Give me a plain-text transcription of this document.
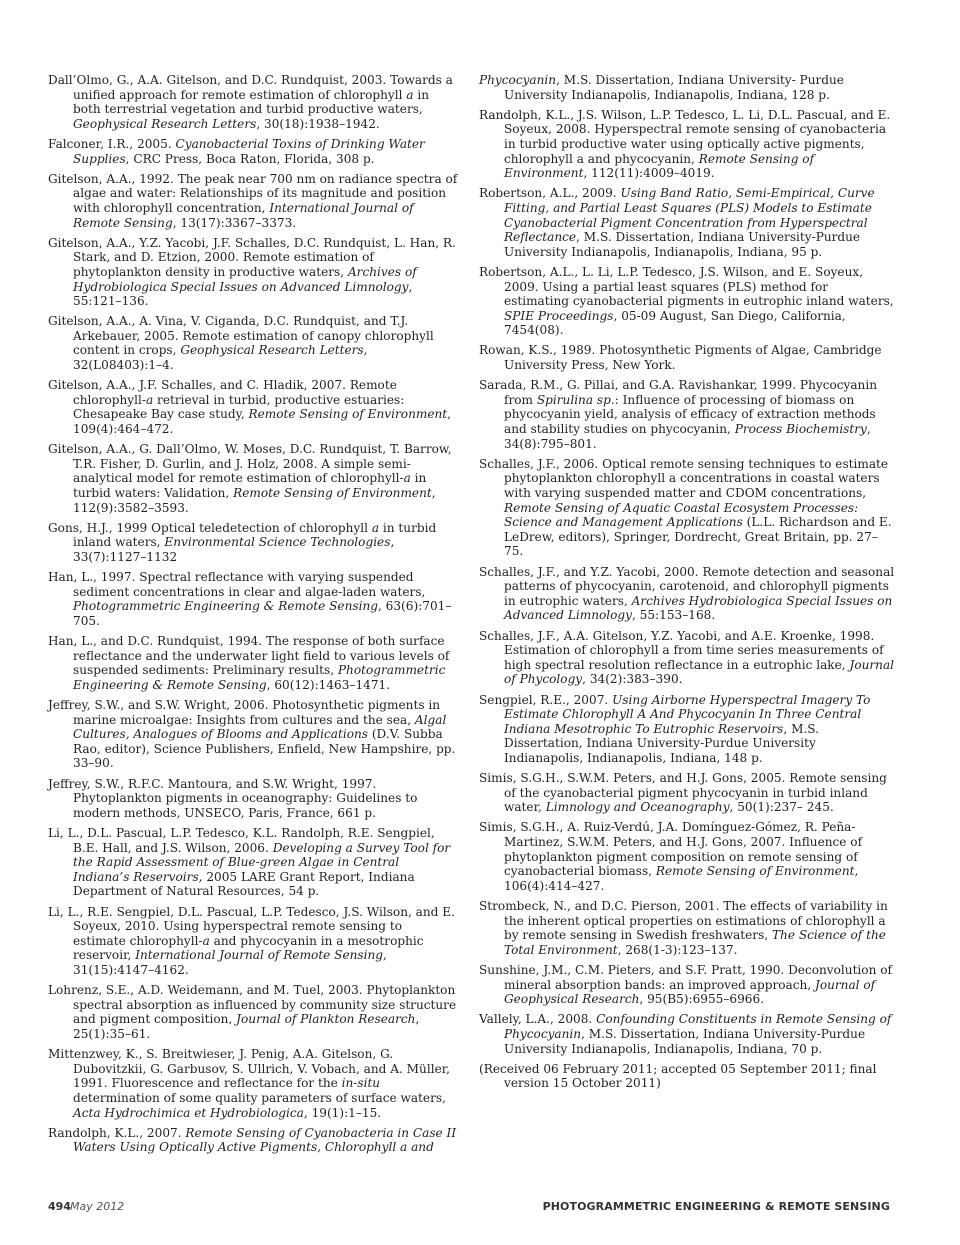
Dall’Olmo, G., A.A. Gitelson, and D.C. Rundquist, 2003. Towards a unified approach for remote estimation of chlorophyll a in both terrestrial vegetation and turbid productive waters, Geophysical Research Letters, 30(18):1938–1942.

Falconer, I.R., 2005. Cyanobacterial Toxins of Drinking Water Supplies, CRC Press, Boca Raton, Florida, 308 p.

Gitelson, A.A., 1992. The peak near 700 nm on radiance spectra of algae and water: Relationships of its magnitude and position with chlorophyll concentration, International Journal of Remote Sensing, 13(17):3367–3373.

Gitelson, A.A., Y.Z. Yacobi, J.F. Schalles, D.C. Rundquist, L. Han, R. Stark, and D. Etzion, 2000. Remote estimation of phytoplankton density in productive waters, Archives of Hydrobiologica Special Issues on Advanced Limnology, 55:121–136.

Gitelson, A.A., A. Vina, V. Ciganda, D.C. Rundquist, and T.J. Arkebauer, 2005. Remote estimation of canopy chlorophyll content in crops, Geophysical Research Letters, 32(L08403):1–4.

Gitelson, A.A., J.F. Schalles, and C. Hladik, 2007. Remote chlorophyll-a retrieval in turbid, productive estuaries: Chesapeake Bay case study, Remote Sensing of Environment, 109(4):464–472.

Gitelson, A.A., G. Dall’Olmo, W. Moses, D.C. Rundquist, T. Barrow, T.R. Fisher, D. Gurlin, and J. Holz, 2008. A simple semi-analytical model for remote estimation of chlorophyll-a in turbid waters: Validation, Remote Sensing of Environment, 112(9):3582–3593.

Gons, H.J., 1999 Optical teledetection of chlorophyll a in turbid inland waters, Environmental Science Technologies, 33(7):1127–1132

Han, L., 1997. Spectral reflectance with varying suspended sediment concentrations in clear and algae-laden waters, Photogrammetric Engineering & Remote Sensing, 63(6):701–705.

Han, L., and D.C. Rundquist, 1994. The response of both surface reflectance and the underwater light field to various levels of suspended sediments: Preliminary results, Photogrammetric Engineering & Remote Sensing, 60(12):1463–1471.

Jeffrey, S.W., and S.W. Wright, 2006. Photosynthetic pigments in marine microalgae: Insights from cultures and the sea, Algal Cultures, Analogues of Blooms and Applications (D.V. Subba Rao, editor), Science Publishers, Enfield, New Hampshire, pp. 33–90.

Jeffrey, S.W., R.F.C. Mantoura, and S.W. Wright, 1997. Phytoplankton pigments in oceanography: Guidelines to modern methods, UNSECO, Paris, France, 661 p.

Li, L., D.L. Pascual, L.P. Tedesco, K.L. Randolph, R.E. Sengpiel, B.E. Hall, and J.S. Wilson, 2006. Developing a Survey Tool for the Rapid Assessment of Blue-green Algae in Central Indiana’s Reservoirs, 2005 LARE Grant Report, Indiana Department of Natural Resources, 54 p.

Li, L., R.E. Sengpiel, D.L. Pascual, L.P. Tedesco, J.S. Wilson, and E. Soyeux, 2010. Using hyperspectral remote sensing to estimate chlorophyll-a and phycocyanin in a mesotrophic reservoir, International Journal of Remote Sensing, 31(15):4147–4162.

Lohrenz, S.E., A.D. Weidemann, and M. Tuel, 2003. Phytoplankton spectral absorption as influenced by community size structure and pigment composition, Journal of Plankton Research, 25(1):35–61.

Mittenzwey, K., S. Breitwieser, J. Penig, A.A. Gitelson, G. Dubovitzkii, G. Garbusov, S. Ullrich, V. Vobach, and A. Müller, 1991. Fluorescence and reflectance for the in-situ determination of some quality parameters of surface waters, Acta Hydrochimica et Hydrobiologica, 19(1):1–15.

Randolph, K.L., 2007. Remote Sensing of Cyanobacteria in Case II Waters Using Optically Active Pigments, Chlorophyll a and

Phycocyanin, M.S. Dissertation, Indiana University- Purdue University Indianapolis, Indianapolis, Indiana, 128 p.

Randolph, K.L., J.S. Wilson, L.P. Tedesco, L. Li, D.L. Pascual, and E. Soyeux, 2008. Hyperspectral remote sensing of cyanobacteria in turbid productive water using optically active pigments, chlorophyll a and phycocyanin, Remote Sensing of Environment, 112(11):4009–4019.

Robertson, A.L., 2009. Using Band Ratio, Semi-Empirical, Curve Fitting, and Partial Least Squares (PLS) Models to Estimate Cyanobacterial Pigment Concentration from Hyperspectral Reflectance, M.S. Dissertation, Indiana University-Purdue University Indianapolis, Indianapolis, Indiana, 95 p.

Robertson, A.L., L. Li, L.P. Tedesco, J.S. Wilson, and E. Soyeux, 2009. Using a partial least squares (PLS) method for estimating cyanobacterial pigments in eutrophic inland waters, SPIE Proceedings, 05-09 August, San Diego, California, 7454(08).

Rowan, K.S., 1989. Photosynthetic Pigments of Algae, Cambridge University Press, New York.

Sarada, R.M., G. Pillai, and G.A. Ravishankar, 1999. Phycocyanin from Spirulina sp.: Influence of processing of biomass on phycocyanin yield, analysis of efficacy of extraction methods and stability studies on phycocyanin, Process Biochemistry, 34(8):795–801.

Schalles, J.F., 2006. Optical remote sensing techniques to estimate phytoplankton chlorophyll a concentrations in coastal waters with varying suspended matter and CDOM concentrations, Remote Sensing of Aquatic Coastal Ecosystem Processes: Science and Management Applications (L.L. Richardson and E. LeDrew, editors), Springer, Dordrecht, Great Britain, pp. 27–75.

Schalles, J.F., and Y.Z. Yacobi, 2000. Remote detection and seasonal patterns of phycocyanin, carotenoid, and chlorophyll pigments in eutrophic waters, Archives Hydrobiologica Special Issues on Advanced Limnology, 55:153–168.

Schalles, J.F., A.A. Gitelson, Y.Z. Yacobi, and A.E. Kroenke, 1998. Estimation of chlorophyll a from time series measurements of high spectral resolution reflectance in a eutrophic lake, Journal of Phycology, 34(2):383–390.

Sengpiel, R.E., 2007. Using Airborne Hyperspectral Imagery To Estimate Chlorophyll A And Phycocyanin In Three Central Indiana Mesotrophic To Eutrophic Reservoirs, M.S. Dissertation, Indiana University-Purdue University Indianapolis, Indianapolis, Indiana, 148 p.

Simis, S.G.H., S.W.M. Peters, and H.J. Gons, 2005. Remote sensing of the cyanobacterial pigment phycocyanin in turbid inland water, Limnology and Oceanography, 50(1):237– 245.

Simis, S.G.H., A. Ruiz-Verdú, J.A. Domínguez-Gómez, R. Peña-Martinez, S.W.M. Peters, and H.J. Gons, 2007. Influence of phytoplankton pigment composition on remote sensing of cyanobacterial biomass, Remote Sensing of Environment, 106(4):414–427.

Strombeck, N., and D.C. Pierson, 2001. The effects of variability in the inherent optical properties on estimations of chlorophyll a by remote sensing in Swedish freshwaters, The Science of the Total Environment, 268(1-3):123–137.

Sunshine, J.M., C.M. Pieters, and S.F. Pratt, 1990. Deconvolution of mineral absorption bands: an improved approach, Journal of Geophysical Research, 95(B5):6955–6966.

Vallely, L.A., 2008. Confounding Constituents in Remote Sensing of Phycocyanin, M.S. Dissertation, Indiana University-Purdue University Indianapolis, Indianapolis, Indiana, 70 p.

(Received 06 February 2011; accepted 05 September 2011; final version 15 October 2011)

494 May 2012	PHOTOGRAMMETRIC ENGINEERING & REMOTE SENSING
